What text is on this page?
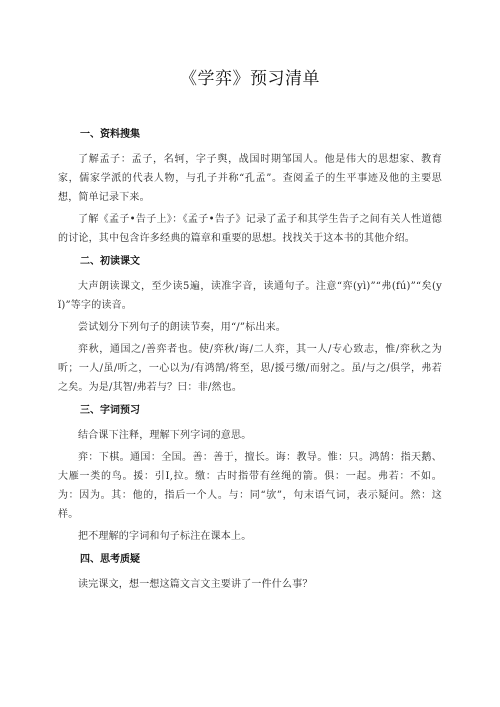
《学弈》预习清单
一、资料搜集

了解孟子：孟子，名轲，字子舆，战国时期邹国人。他是伟大的思想家、教育家，儒家学派的代表人物，与孔子并称“孔孟”。查阅孟子的生平事迹及他的主要思想，简单记录下来。

了解《孟子•告子上》：《孟子•告子》记录了孟子和其学生告子之间有关人性道德的讨论，其中包含许多经典的篇章和重要的思想。找找关于这本书的其他介绍。

二、初读课文

大声朗读课文，至少读5遍，读准字音，读通句子。注意“弈(yì)”“弗(fú)”“矣(yǐ)”等字的读音。

尝试划分下列句子的朗读节奏，用“/”标出来。

弈秋，通国之/善弈者也。使/弈秋/诲/二人弈，其一人/专心致志，惟/弈秋之为听；一人/虽/听之，一心以为/有鸿鹄/将至，思/援弓缴/而射之。虽/与之/俱学，弗若之矣。为是/其智/弗若与？曰：非/然也。

三、字词预习

结合课下注释，理解下列字词的意思。

弈：下棋。通国：全国。善：善于，擅长。诲：教导。惟：只。鸿鹄：指天鹅、大雁一类的鸟。援：引I,拉。缴：古时指带有丝绳的箭。俱：一起。弗若：不如。为：因为。其：他的，指后一个人。与：同“欤”，句末语气词，表示疑问。然：这样。

把不理解的字词和句子标注在课本上。

四、思考质疑

读完课文，想一想这篇文言文主要讲了一件什么事？
